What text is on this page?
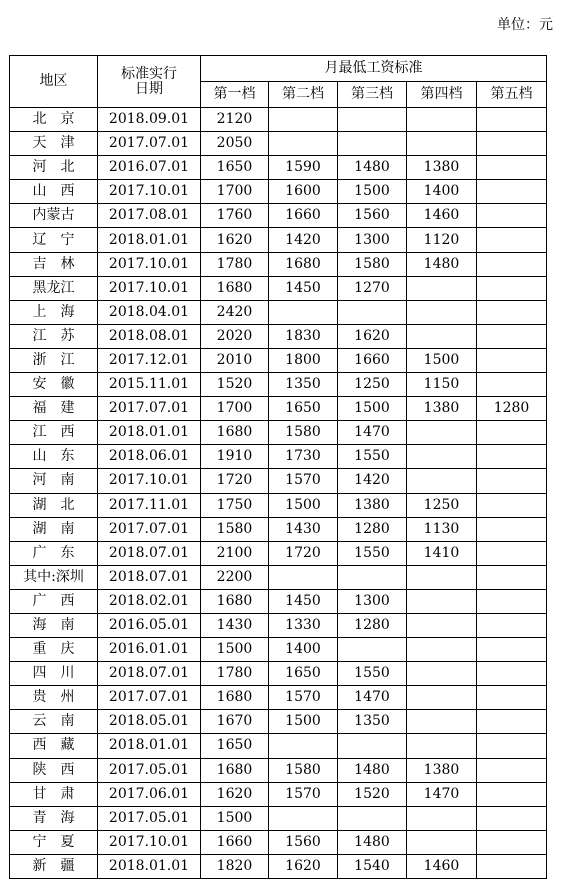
单位：元
地区	标准实行
日期	月最低工资标准				
		第一档	第二档	第三档	第四档	第五档
北　京	2018.09.01	2120				
天　津	2017.07.01	2050				
河　北	2016.07.01	1650	1590	1480	1380	
山　西	2017.10.01	1700	1600	1500	1400	
内蒙古	2017.08.01	1760	1660	1560	1460	
辽　宁	2018.01.01	1620	1420	1300	1120	
吉　林	2017.10.01	1780	1680	1580	1480	
黑龙江	2017.10.01	1680	1450	1270		
上　海	2018.04.01	2420				
江　苏	2018.08.01	2020	1830	1620		
浙　江	2017.12.01	2010	1800	1660	1500	
安　徽	2015.11.01	1520	1350	1250	1150	
福　建	2017.07.01	1700	1650	1500	1380	1280
江　西	2018.01.01	1680	1580	1470		
山　东	2018.06.01	1910	1730	1550		
河　南	2017.10.01	1720	1570	1420		
湖　北	2017.11.01	1750	1500	1380	1250	
湖　南	2017.07.01	1580	1430	1280	1130	
广　东	2018.07.01	2100	1720	1550	1410	
其中:深圳	2018.07.01	2200				
广　西	2018.02.01	1680	1450	1300		
海　南	2016.05.01	1430	1330	1280		
重　庆	2016.01.01	1500	1400			
四　川	2018.07.01	1780	1650	1550		
贵　州	2017.07.01	1680	1570	1470		
云　南	2018.05.01	1670	1500	1350		
西　藏	2018.01.01	1650				
陕　西	2017.05.01	1680	1580	1480	1380	
甘　肃	2017.06.01	1620	1570	1520	1470	
青　海	2017.05.01	1500				
宁　夏	2017.10.01	1660	1560	1480		
新　疆	2018.01.01	1820	1620	1540	1460	
